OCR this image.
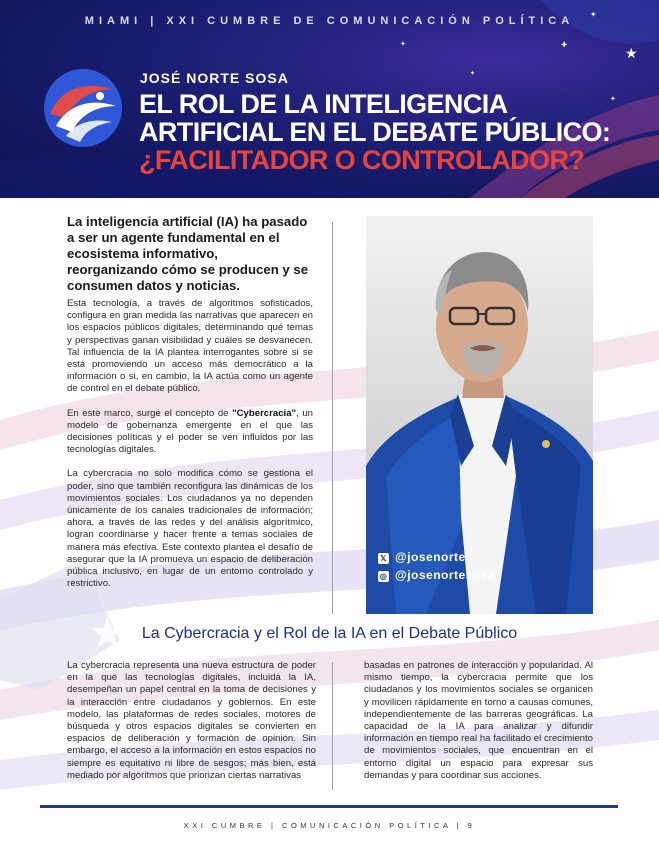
★
✦	★
✦
✦
✦
✦
MIAMI | XXI CUMBRE DE COMUNICACIÓN POLÍTICA
JOSÉ NORTE SOSA
EL ROL DE LA INTELIGENCIA
ARTIFICIAL EN EL DEBATE PÚBLICO:
¿FACILITADOR O CONTROLADOR?
La inteligencia artificial (IA) ha pasado a ser un agente fundamental en el ecosistema informativo, reorganizando cómo se producen y se consumen datos y noticias.

Esta tecnología, a través de algoritmos sofisticados, configura en gran medida las narrativas que aparecen en los espacios públicos digitales, determinando qué temas y perspectivas ganan visibilidad y cuáles se desvanecen. Tal influencia de la IA plantea interrogantes sobre si se está promoviendo un acceso más democrático a la información o si, en cambio, la IA actúa como un agente de control en el debate público.

En este marco, surge el concepto de "Cybercracia", un modelo de gobernanza emergente en el que las decisiones políticas y el poder se ven influidos por las tecnologías digitales.

La cybercracia no solo modifica cómo se gestiona el poder, sino que también reconfigura las dinámicas de los movimientos sociales. Los ciudadanos ya no dependen únicamente de los canales tradicionales de información; ahora, a través de las redes y del análisis algorítmico, logran coordinarse y hacer frente a temas sociales de manera más efectiva. Este contexto plantea el desafío de asegurar que la IA promueva un espacio de deliberación pública inclusivo, en lugar de un entorno controlado y restrictivo.

𝕏 @josenorte
◎ @josenortesosa
La Cybercracia y el Rol de la IA en el Debate Público

La cybercracia representa una nueva estructura de poder en la que las tecnologías digitales, incluida la IA, desempeñan un papel central en la toma de decisiones y la interacción entre ciudadanos y gobiernos. En este modelo, las plataformas de redes sociales, motores de búsqueda y otros espacios digitales se convierten en espacios de deliberación y formación de opinión. Sin embargo, el acceso a la información en estos espacios no siempre es equitativo ni libre de sesgos; más bien, está mediado por algoritmos que priorizan ciertas narrativas

basadas en patrones de interacción y popularidad. Al mismo tiempo, la cybercracia permite que los ciudadanos y los movimientos sociales se organicen y movilicen rápidamente en torno a causas comunes, independientemente de las barreras geográficas. La capacidad de la IA para analizar y difundir información en tiempo real ha facilitado el crecimiento de movimientos sociales, que encuentran en el entorno digital un espacio para expresar sus demandas y para coordinar sus acciones.

XXI CUMBRE | COMUNICACIÓN POLÍTICA | 9
